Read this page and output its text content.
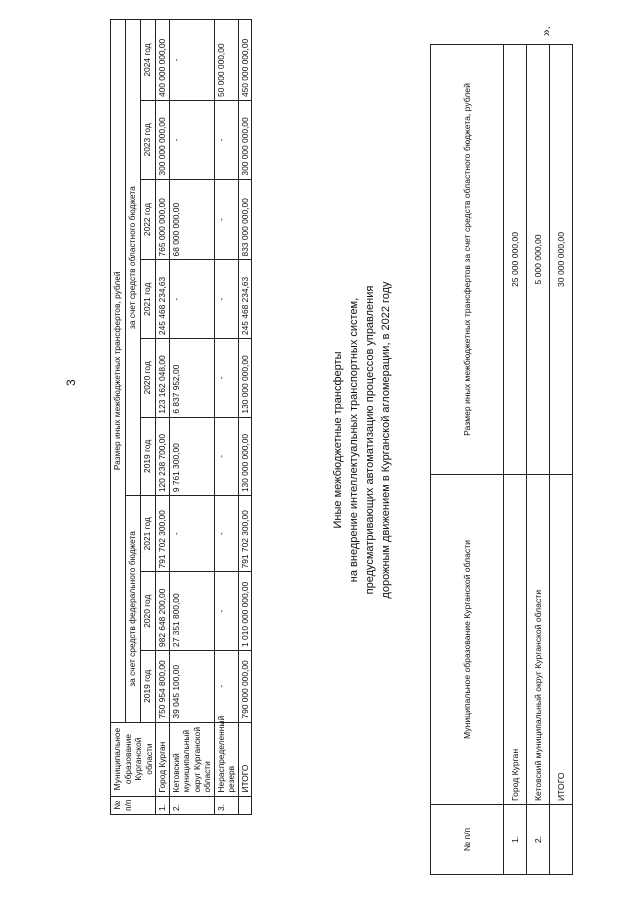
3
».
№ п/п	Муниципальное образование Курганской области	Размер иных межбюджетных трансфертов, рублей								
		за счет средств федерального бюджета			за счет средств областного бюджета					
		2019 год	2020 год	2021 год	2019 год	2020 год	2021 год	2022 год	2023 год	2024 год
1.	Город Курган	750 954 800,00	982 648 200,00	791 702 300,00	120 238 700,00	123 162 048,00	245 468 234,63	765 000 000,00	300 000 000,00	400 000 000,00
2.	Кетовский муниципальный округ Курганской области	39 045 100,00	27 351 800,00	-	9 761 300,00	6 837 952,00	-	68 000 000,00	-	-
3.	Нераспределенный резерв	-	-	-	-	-	-	-	-	50 000 000,00
	ИТОГО	790 000 000,00	1 010 000 000,00	791 702 300,00	130 000 000,00	130 000 000,00	245 468 234,63	833 000 000,00	300 000 000,00	450 000 000,00
Иные межбюджетные трансферты на внедрение интеллектуальных транспортных систем, предусматривающих автоматизацию процессов управления дорожным движением в Курганской агломерации, в 2022 году
№ п/п	Муниципальное образование Курганской области	Размер иных межбюджетных трансфертов за счет средств областного бюджета, рублей
1.	Город Курган	25 000 000,00
2.	Кетовский муниципальный округ Курганской области	5 000 000,00
	ИТОГО	30 000 000,00
